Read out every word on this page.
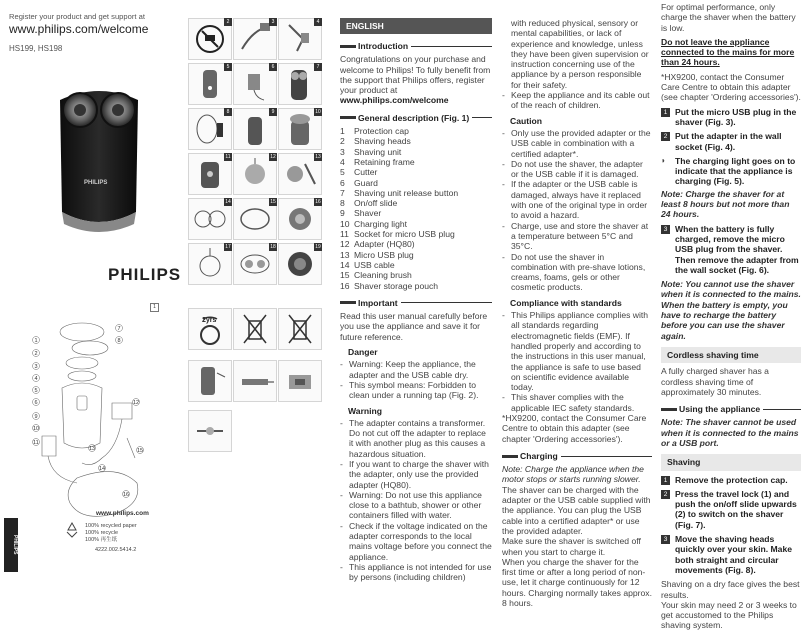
Register your product and get support at
www.philips.com/welcome
HS199, HS198
PHILIPS
PHILIPS
1
1
2
3
4
5
6
7
8
9
10
11
12
13
14
15
16
PHILIPS
www.philips.com
100% recycled paper
100% recycle
100% 再生纸
4222.002.5414.2
2	3	4
5	6	7
8	9	10
11	12	13
14	15	16
17	18	19
2yrs
ENGLISH
Introduction

Congratulations on your purchase and welcome to Philips! To fully benefit from the support that Philips offers, register your product at

www.philips.com/welcome

General description (Fig. 1)
1	Protection cap
2	Shaving heads
3	Shaving unit
4	Retaining frame
5	Cutter
6	Guard
7	Shaving unit release button
8	On/off slide
9	Shaver
10 Charging light
11 Socket for micro USB plug
12 Adapter (HQ80)
13 Micro USB plug
14 USB cable
15 Cleaning brush
16 Shaver storage pouch
Important

Read this user manual carefully before you use the appliance and save it for future reference.

Danger
- Warning: Keep the appliance, the adapter and the USB cable dry.
- This symbol means: Forbidden to clean under a running tap (Fig. 2).
Warning
- The adapter contains a transformer. Do not cut off the adapter to replace it with another plug as this causes a hazardous situation.
- If you want to charge the shaver with the adapter, only use the provided adapter (HQ80).
- Warning: Do not use this appliance close to a bathtub, shower or other containers filled with water.
- Check if the voltage indicated on the adapter corresponds to the local mains voltage before you connect the appliance.
- This appliance is not intended for use by persons (including children)

with reduced physical, sensory or mental capabilities, or lack of experience and knowledge, unless they have been given supervision or instruction concerning use of the appliance by a person responsible for their safety.

- Keep the appliance and its cable out of the reach of children.
Caution
- Only use the provided adapter or the USB cable in combination with a certified adapter*.
- Do not use the shaver, the adapter or the USB cable if it is damaged.
- If the adapter or the USB cable is damaged, always have it replaced with one of the original type in order to avoid a hazard.
- Charge, use and store the shaver at a temperature between 5°C and 35°C.
- Do not use the shaver in combination with pre-shave lotions, creams, foams, gels or other cosmetic products.
Compliance with standards
- This Philips appliance complies with all standards regarding electromagnetic fields (EMF). If handled properly and according to the instructions in this user manual, the appliance is safe to use based on scientific evidence available today.
- This shaver complies with the applicable IEC safety standards.

*HX9200, contact the Consumer Care Centre to obtain this adapter (see chapter 'Ordering accessories').

Charging

Note: Charge the appliance when the motor stops or starts running slower.

The shaver can be charged with the adapter or the USB cable supplied with the appliance. You can plug the USB cable into a certified adapter* or use the provided adapter.

Make sure the shaver is switched off when you start to charge it.

When you charge the shaver for the first time or after a long period of non-use, let it charge continuously for 12 hours. Charging normally takes approx. 8 hours.

For optimal performance, only charge the shaver when the battery is low.

Do not leave the appliance connected to the mains for more than 24 hours.

*HX9200, contact the Consumer Care Centre to obtain this adapter (see chapter 'Ordering accessories').

1 Put the micro USB plug in the shaver (Fig. 3).
2 Put the adapter in the wall socket (Fig. 4).
◗	The charging light goes on to indicate that the appliance is charging (Fig. 5).

Note: Charge the shaver for at least 8 hours but not more than 24 hours.

3 When the battery is fully charged, remove the micro USB plug from the shaver. Then remove the adapter from the wall socket (Fig. 6).

Note: You cannot use the shaver when it is connected to the mains. When the battery is empty, you have to recharge the battery before you can use the shaver again.

Cordless shaving time

A fully charged shaver has a cordless shaving time of approximately 30 minutes.

Using the appliance

Note: The shaver cannot be used when it is connected to the mains or a USB port.

Shaving
1 Remove the protection cap.
2 Press the travel lock (1) and push the on/off slide upwards (2) to switch on the shaver (Fig. 7).
3 Move the shaving heads quickly over your skin. Make both straight and circular movements (Fig. 8).

Shaving on a dry face gives the best results.

Your skin may need 2 or 3 weeks to get accustomed to the Philips shaving system.
